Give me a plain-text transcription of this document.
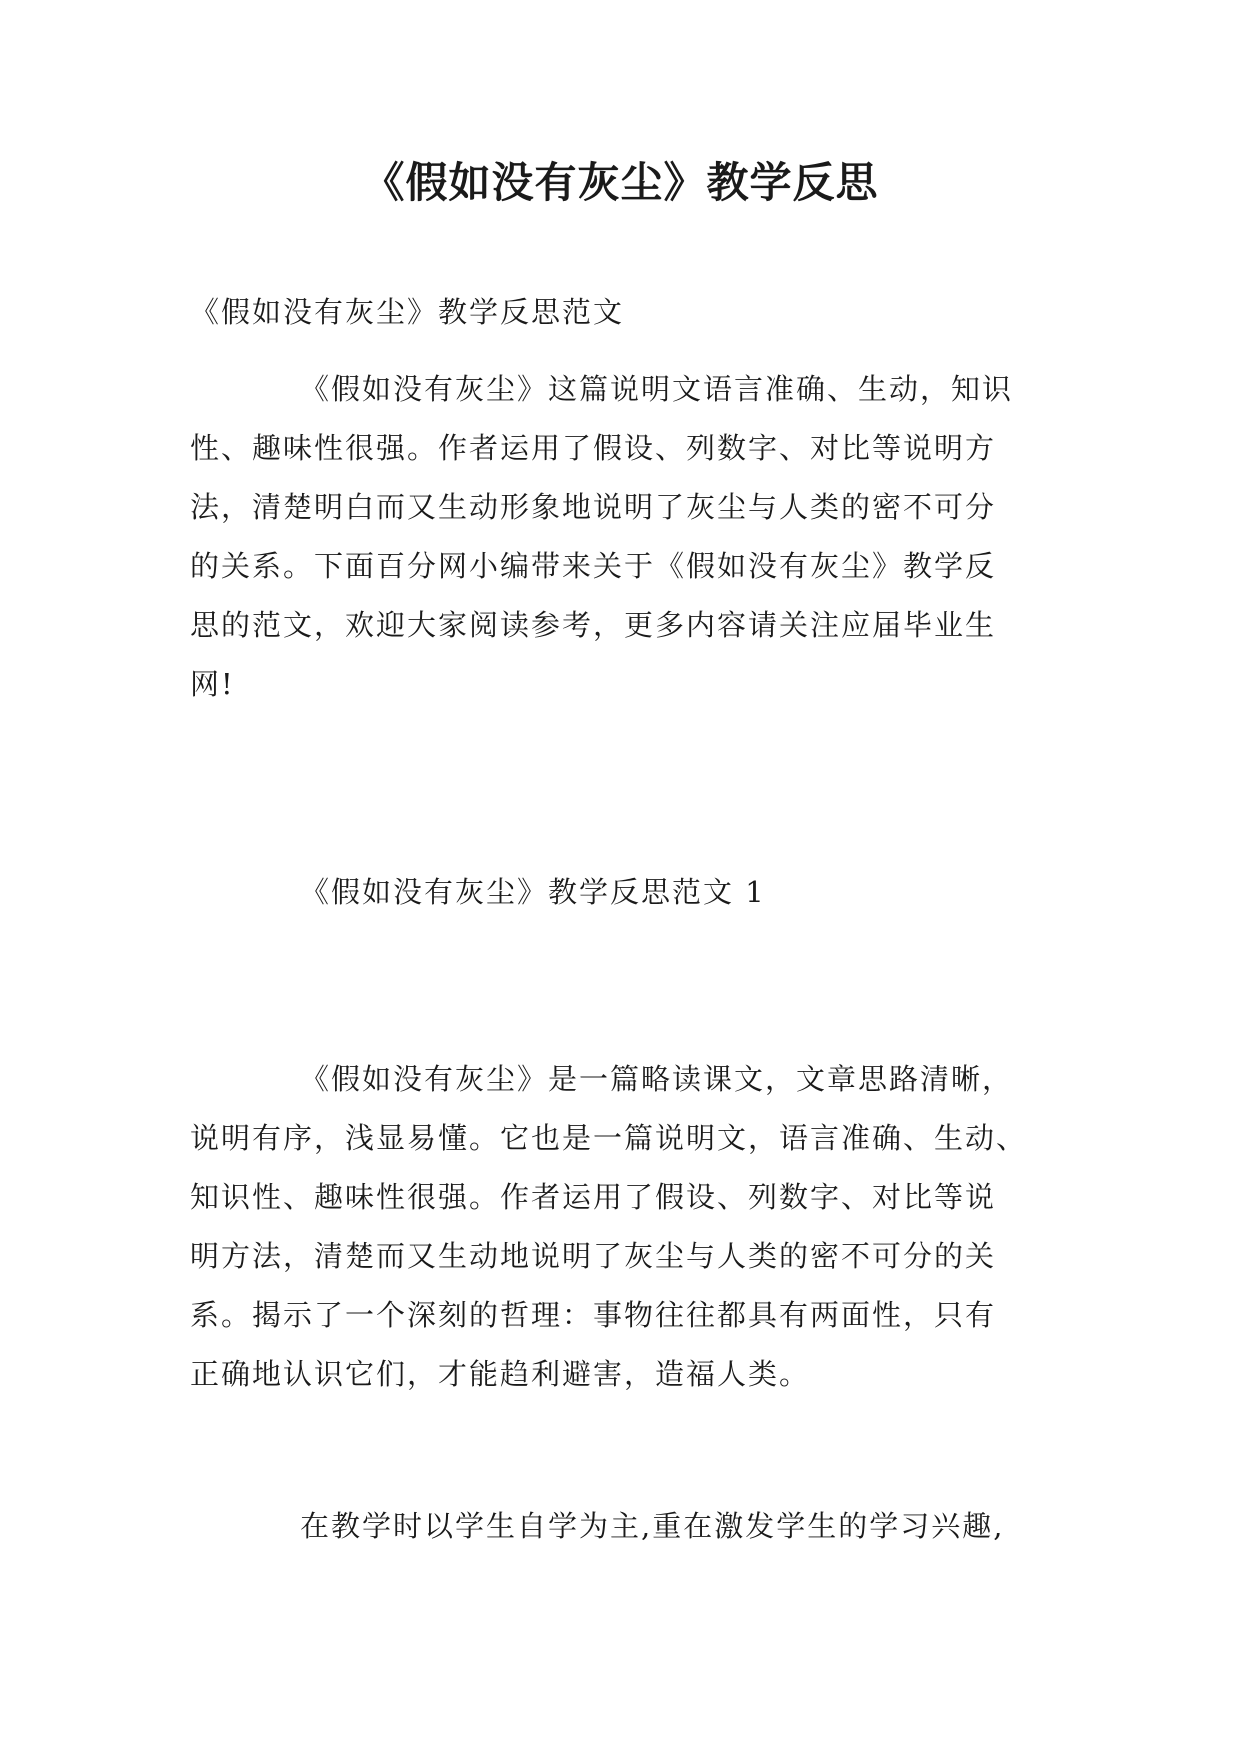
《假如没有灰尘》教学反思
《假如没有灰尘》教学反思范文
《假如没有灰尘》这篇说明文语言准确、生动，知识
性、趣味性很强。作者运用了假设、列数字、对比等说明方
法，清楚明白而又生动形象地说明了灰尘与人类的密不可分
的关系。下面百分网小编带来关于《假如没有灰尘》教学反
思的范文，欢迎大家阅读参考，更多内容请关注应届毕业生
网!
《假如没有灰尘》教学反思范文 1
《假如没有灰尘》是一篇略读课文，文章思路清晰，
说明有序，浅显易懂。它也是一篇说明文，语言准确、生动、
知识性、趣味性很强。作者运用了假设、列数字、对比等说
明方法，清楚而又生动地说明了灰尘与人类的密不可分的关
系。揭示了一个深刻的哲理：事物往往都具有两面性，只有
正确地认识它们，才能趋利避害，造福人类。
在教学时以学生自学为主,重在激发学生的学习兴趣,
